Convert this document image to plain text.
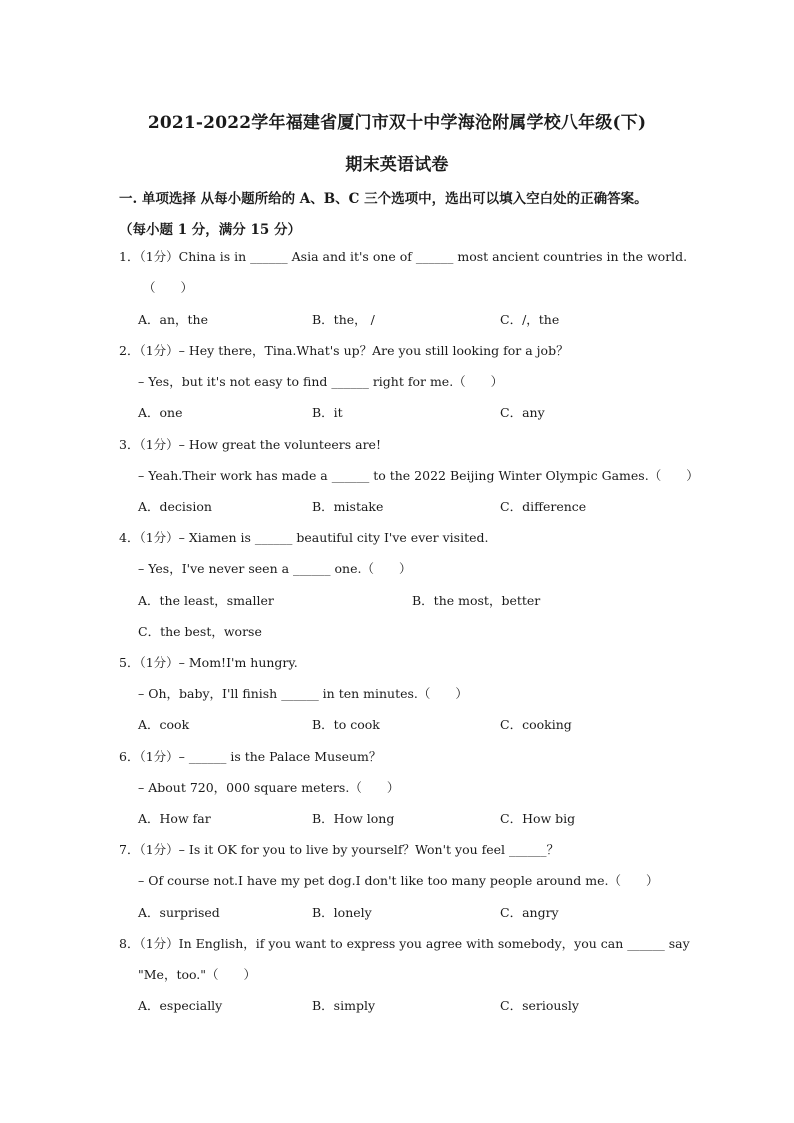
2021-2022学年福建省厦门市双十中学海沧附属学校八年级(下)
期末英语试卷
一. 单项选择 从每小题所给的 A、B、C 三个选项中，选出可以填入空白处的正确答案。
（每小题 1 分，满分 15 分）
1．（1分）China is in ______ Asia and it's one of ______ most ancient countries in the world.
（　　）
A．an，the	B．the， /	C．/，the
2．（1分）– Hey there，Tina.What's up？Are you still looking for a job？
– Yes，but it's not easy to find ______ right for me.（　　）
A．one	B．it	C．any
3．（1分）– How great the volunteers are!
– Yeah.Their work has made a ______ to the 2022 Beijing Winter Olympic Games.（　　）
A．decision	B．mistake	C．difference
4．（1分）– Xiamen is ______ beautiful city I've ever visited.
– Yes，I've never seen a ______ one.（　　）
A．the least，smaller	B．the most，better
C．the best，worse
5．（1分）– Mom!I'm hungry.
– Oh，baby，I'll finish ______ in ten minutes.（　　）
A．cook	B．to cook	C．cooking
6．（1分）– ______ is the Palace Museum？
– About 720，000 square meters.（　　）
A．How far	B．How long	C．How big
7．（1分）– Is it OK for you to live by yourself？Won't you feel ______？
– Of course not.I have my pet dog.I don't like too many people around me.（　　）
A．surprised	B．lonely	C．angry
8．（1分）In English，if you want to express you agree with somebody，you can ______ say
"Me，too."（　　）
A．especially	B．simply	C．seriously
